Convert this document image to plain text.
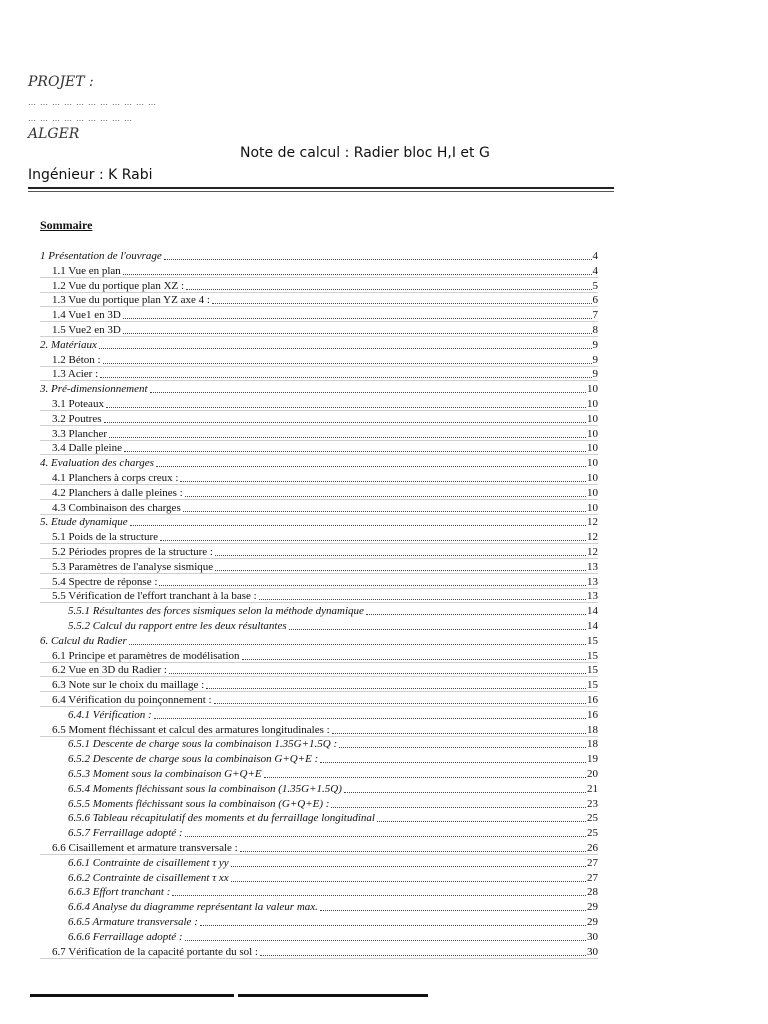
PROJET :
… … … … … … … … … … …
… … … … … … … … …
ALGER
Note de calcul : Radier bloc H,I et G
Ingénieur : K Rabi
Sommaire
1 Présentation de l'ouvrage	4
1.1 Vue en plan	4
1.2 Vue du portique plan XZ :	5
1.3 Vue du portique plan YZ axe 4 :	6
1.4 Vue1 en 3D	7
1.5 Vue2 en 3D	8
2. Matériaux	9
1.2 Béton :	9
1.3 Acier :	9
3. Pré-dimensionnement	10
3.1 Poteaux	10
3.2 Poutres	10
3.3 Plancher	10
3.4 Dalle pleine	10
4. Evaluation des charges	10
4.1 Planchers à corps creux :	10
4.2 Planchers à dalle pleines :	10
4.3 Combinaison des charges	10
5. Etude dynamique	12
5.1 Poids de la structure	12
5.2 Périodes propres de la structure :	12
5.3 Paramètres de l'analyse sismique	13
5.4 Spectre de réponse :	13
5.5 Vérification de l'effort tranchant à la base :	13
5.5.1 Résultantes des forces sismiques selon la méthode dynamique	14
5.5.2 Calcul du rapport entre les deux résultantes	14
6. Calcul du Radier	15
6.1 Principe et paramètres de modélisation	15
6.2 Vue en 3D du Radier :	15
6.3 Note sur le choix du maillage :	15
6.4 Vérification du poinçonnement :	16
6.4.1 Vérification :	16
6.5 Moment fléchissant et calcul des armatures longitudinales :	18
6.5.1 Descente de charge sous la combinaison 1.35G+1.5Q :	18
6.5.2 Descente de charge sous la combinaison G+Q+E :	19
6.5.3 Moment sous la combinaison G+Q+E	20
6.5.4 Moments fléchissant sous la combinaison (1.35G+1.5Q)	21
6.5.5 Moments fléchissant sous la combinaison (G+Q+E) :	23
6.5.6 Tableau récapitulatif des moments et du ferraillage longitudinal	25
6.5.7 Ferraillage adopté :	25
6.6 Cisaillement et armature transversale :	26
6.6.1 Contrainte de cisaillement τ yy	27
6.6.2 Contrainte de cisaillement τ xx	27
6.6.3 Effort tranchant :	28
6.6.4 Analyse du diagramme représentant la valeur max.	29
6.6.5 Armature transversale :	29
6.6.6 Ferraillage adopté :	30
6.7 Vérification de la capacité portante du sol :	30
